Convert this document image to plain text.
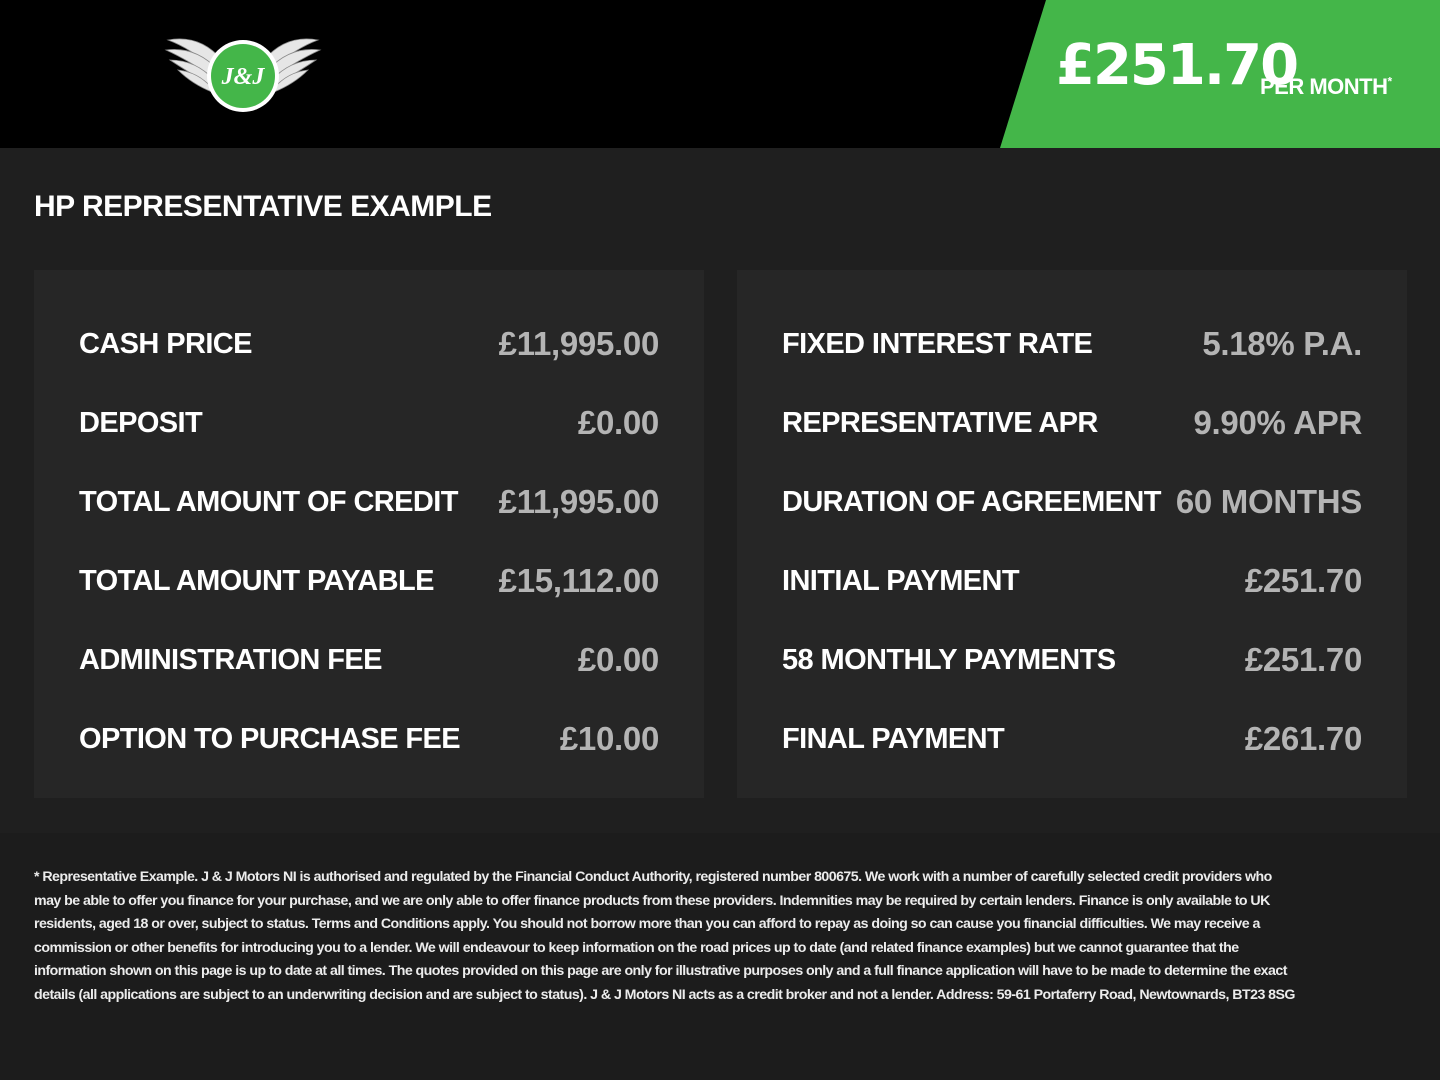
J&J	£251.70
PER MONTH*
HP REPRESENTATIVE EXAMPLE
CASH PRICE	£11,995.00
DEPOSIT	£0.00
TOTAL AMOUNT OF CREDIT £11,995.00
TOTAL AMOUNT PAYABLE £15,112.00
ADMINISTRATION FEE	£0.00
OPTION TO PURCHASE FEE	£10.00
FIXED INTEREST RATE	5.18% P.A.
REPRESENTATIVE APR	9.90% APR
DURATION OF AGREEMENT 60 MONTHS
INITIAL PAYMENT	£251.70
58 MONTHLY PAYMENTS	£251.70
FINAL PAYMENT	£261.70
* Representative Example. J & J Motors NI is authorised and regulated by the Financial Conduct Authority, registered number 800675. We work with a number of carefully selected credit providers who may be able to offer you finance for your purchase, and we are only able to offer finance products from these providers. Indemnities may be required by certain lenders. Finance is only available to UK residents, aged 18 or over, subject to status. Terms and Conditions apply. You should not borrow more than you can afford to repay as doing so can cause you financial difficulties. We may receive a commission or other benefits for introducing you to a lender. We will endeavour to keep information on the road prices up to date (and related finance examples) but we cannot guarantee that the information shown on this page is up to date at all times. The quotes provided on this page are only for illustrative purposes only and a full finance application will have to be made to determine the exact details (all applications are subject to an underwriting decision and are subject to status). J & J Motors NI acts as a credit broker and not a lender. Address: 59-61 Portaferry Road, Newtownards, BT23 8SG
